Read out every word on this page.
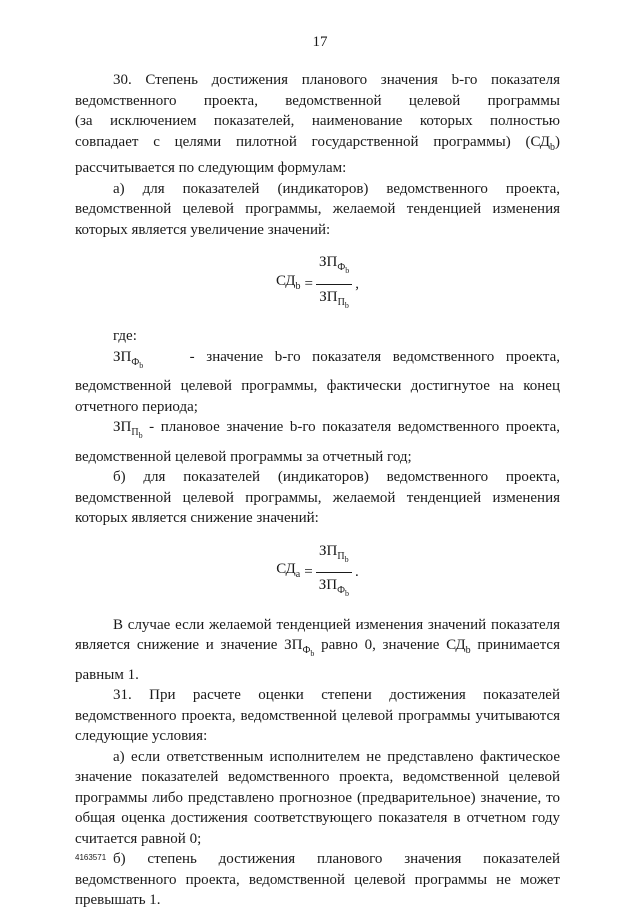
17

30. Степень достижения планового значения b-го показателя

ведомственного проекта, ведомственной целевой программы

(за исключением показателей, наименование которых полностью

совпадает с целями пилотной государственной программы) $(СД_b)$

рассчитывается по следующим формулам:

а) для показателей (индикаторов) ведомственного проекта,

ведомственной целевой программы, желаемой тенденцией изменения

которых является увеличение значений:

$СД_b = \frac{ЗП_{Ф_b}}{ЗП_{П_b}}$ ,

где:

$ЗП_{Ф_b}$    - значение b-го показателя ведомственного проекта,

ведомственной целевой программы, фактически достигнутое на конец

отчетного периода;

$ЗП_{П_b}$ - плановое значение b-го показателя ведомственного проекта,

ведомственной целевой программы за отчетный год;

б) для показателей (индикаторов) ведомственного проекта,

ведомственной целевой программы, желаемой тенденцией изменения

которых является снижение значений:

$СД_a = \frac{ЗП_{П_b}}{ЗП_{Ф_b}}$ .

В случае если желаемой тенденцией изменения значений показателя

является снижение и значение $ЗП_{Ф_b}$ равно 0, значение $СД_b$ принимается

равным 1.

31. При расчете оценки степени достижения показателей

ведомственного проекта, ведомственной целевой программы учитываются

следующие условия:

а) если ответственным исполнителем не представлено фактическое

значение показателей ведомственного проекта, ведомственной целевой

программы либо представлено прогнозное (предварительное) значение, то

общая оценка достижения соответствующего показателя в отчетном году

считается равной 0;

б) степень достижения планового значения показателей

ведомственного проекта, ведомственной целевой программы не может

превышать 1.

4163571
